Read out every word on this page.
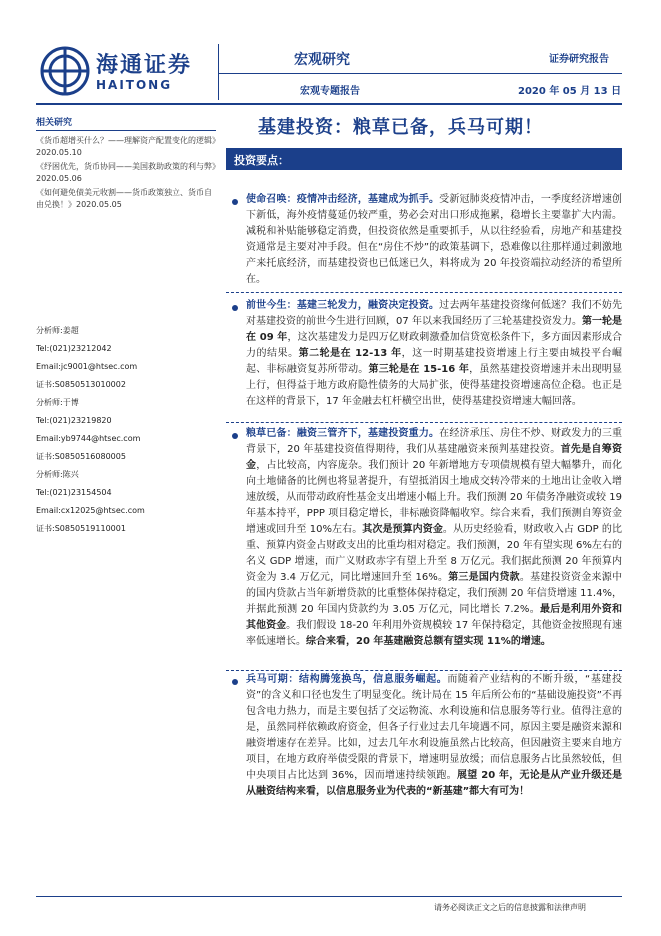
海通证券
HAITONG
宏观研究
宏观专题报告
证券研究报告
2020 年 05 月 13 日
相关研究
《货币超增买什么？——理解资产配置变化的逻辑》2020.05.10
《纾困优先，货币协同——美国救助政策的利与弊》2020.05.06
《如何避免债美元收割——货币政策独立、货币自由兑换！》2020.05.05
分析师:姜超
Tel:(021)23212042
Email:jc9001@htsec.com
证书:S0850513010002
分析师:于博
Tel:(021)23219820
Email:yb9744@htsec.com
证书:S0850516080005
分析师:陈兴
Tel:(021)23154504
Email:cx12025@htsec.com
证书:S0850519110001
基建投资：粮草已备，兵马可期！
投资要点：
使命召唤：疫情冲击经济，基建成为抓手。受新冠肺炎疫情冲击，一季度经济增速创下新低，海外疫情蔓延仍较严重，势必会对出口形成拖累，稳增长主要靠扩大内需。减税和补贴能够稳定消费，但投资依然是重要抓手，从以往经验看，房地产和基建投资通常是主要对冲手段。但在“房住不炒”的政策基调下，恐难像以往那样通过刺激地产来托底经济，而基建投资也已低迷已久，料将成为 20 年投资端拉动经济的希望所在。
前世今生：基建三轮发力，融资决定投资。过去两年基建投资缘何低迷？我们不妨先对基建投资的前世今生进行回顾，07 年以来我国经历了三轮基建投资发力。第一轮是在 09 年，这次基建发力是四万亿财政刺激叠加信贷宽松条件下，多方面因素形成合力的结果。第二轮是在 12-13 年，这一时期基建投资增速上行主要由城投平台崛起、非标融资复苏所带动。第三轮是在 15-16 年，虽然基建投资增速并未出现明显上行，但得益于地方政府隐性债务的大局扩张，使得基建投资增速高位企稳。也正是在这样的背景下，17 年金融去杠杆横空出世，使得基建投资增速大幅回落。
粮草已备：融资三管齐下，基建投资重力。在经济承压、房住不炒、财政发力的三重背景下，20 年基建投资值得期待，我们从基建融资来预判基建投资。首先是自筹资金，占比较高，内容庞杂。我们预计 20 年新增地方专项债规模有望大幅攀升，而化向土地储备的比例也将显著提升，有望抵消因土地成交转冷带来的土地出让金收入增速放缓，从而带动政府性基金支出增速小幅上升。我们预测 20 年债务净融资或较 19 年基本持平，PPP 项目稳定增长，非标融资降幅收窄。综合来看，我们预测自筹资金增速或回升至 10%左右。其次是预算内资金。从历史经验看，财政收入占 GDP 的比重、预算内资金占财政支出的比重均相对稳定。我们预测，20 年有望实现 6%左右的名义 GDP 增速，而广义财政赤字有望上升至 8 万亿元。我们据此预测 20 年预算内资金为 3.4 万亿元，同比增速回升至 16%。第三是国内贷款。基建投资资金来源中的国内贷款占当年新增贷款的比重整体保持稳定，我们预测 20 年信贷增速 11.4%，并据此预测 20 年国内贷款约为 3.05 万亿元，同比增长 7.2%。最后是利用外资和其他资金。我们假设 18-20 年利用外资规模较 17 年保持稳定，其他资金按照现有速率低速增长。综合来看，20 年基建融资总额有望实现 11%的增速。
兵马可期：结构腾笼换鸟，信息服务崛起。而随着产业结构的不断升级，“基建投资”的含义和口径也发生了明显变化。统计局在 15 年后所公布的“基础设施投资”不再包含电力热力，而是主要包括了交运物流、水利设施和信息服务等行业。值得注意的是，虽然同样依赖政府资金，但各子行业过去几年境遇不同，原因主要是融资来源和融资增速存在差异。比如，过去几年水利设施虽然占比较高，但因融资主要来自地方项目，在地方政府举债受限的背景下，增速明显放缓；而信息服务占比虽然较低，但中央项目占比达到 36%，因而增速持续领跑。展望 20 年，无论是从产业升级还是从融资结构来看，以信息服务业为代表的“新基建”都大有可为！
请务必阅读正文之后的信息披露和法律声明
